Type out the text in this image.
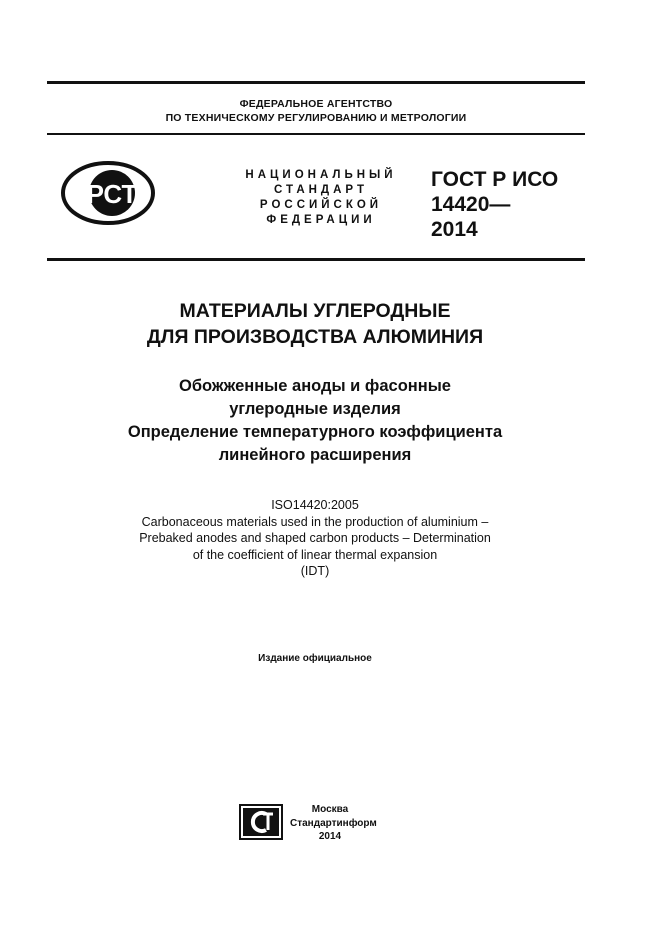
ФЕДЕРАЛЬНОЕ АГЕНТСТВО
ПО ТЕХНИЧЕСКОМУ РЕГУЛИРОВАНИЮ И МЕТРОЛОГИИ
РСТ
НАЦИОНАЛЬНЫЙ
СТАНДАРТ
РОССИЙСКОЙ
ФЕДЕРАЦИИ
ГОСТ Р ИСО
14420—
2014
МАТЕРИАЛЫ УГЛЕРОДНЫЕ
ДЛЯ ПРОИЗВОДСТВА АЛЮМИНИЯ
Обожженные аноды и фасонные
углеродные изделия
Определение температурного коэффициента
линейного расширения
ISO14420:2005
Carbonaceous materials used in the production of aluminium –
Prebaked anodes and shaped carbon products – Determination
of the coefficient of linear thermal expansion
(IDT)
Издание официальное
Москва
Стандартинформ
2014
